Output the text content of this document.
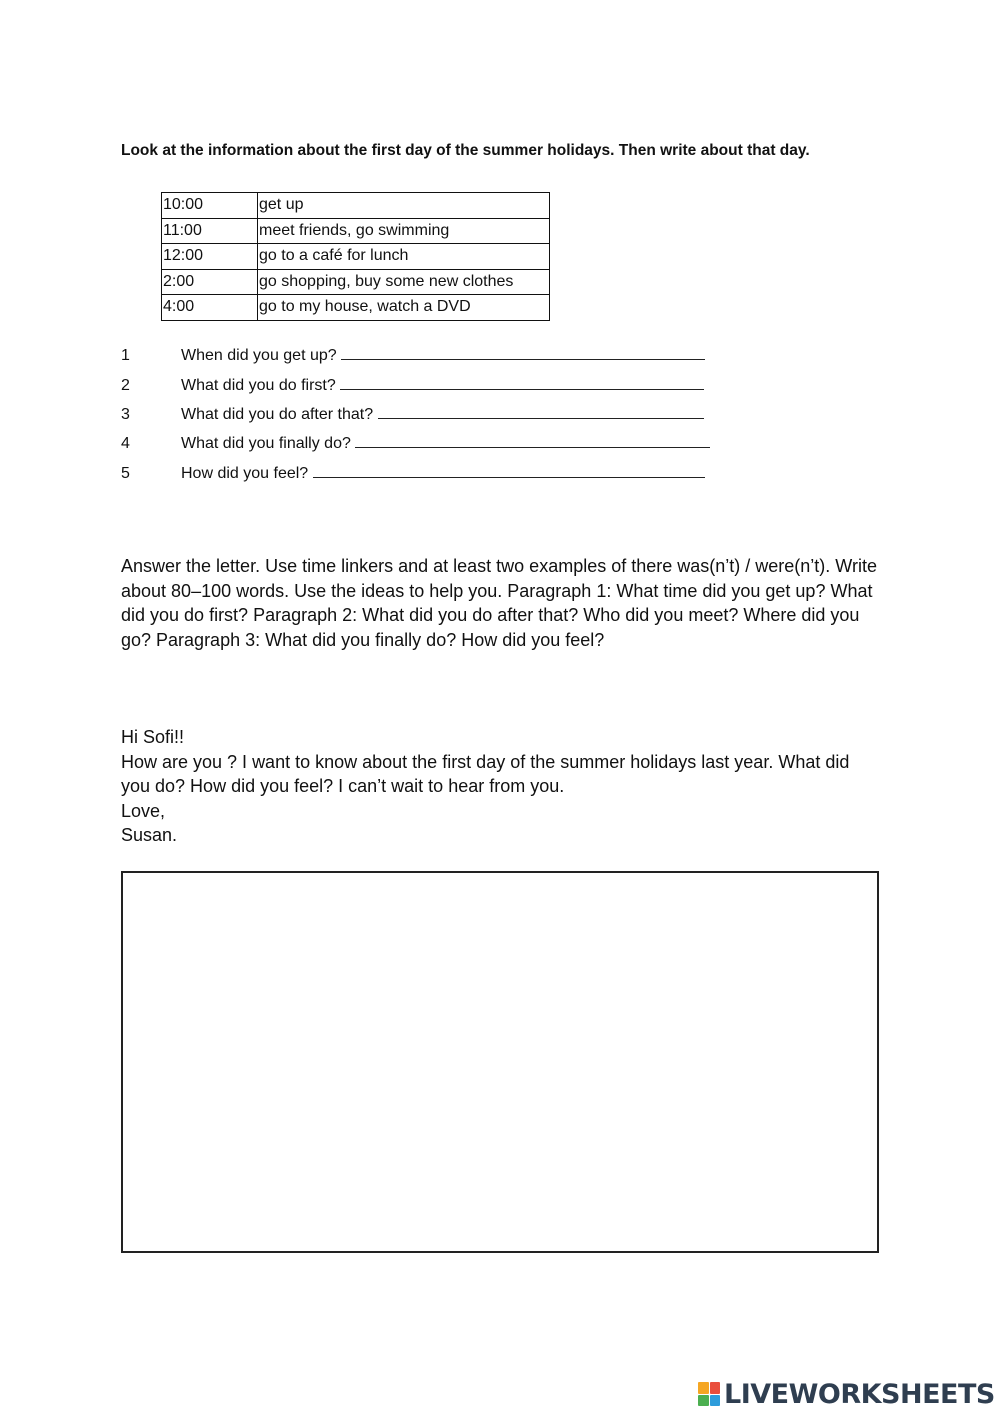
Look at the information about the first day of the summer holidays. Then write about that day.
10:00	get up
11:00	meet friends, go swimming
12:00	go to a café for lunch
2:00	go shopping, buy some new clothes
4:00	go to my house, watch a DVD
1	When did you get up?
2	What did you do first?
3	What did you do after that?
4	What did you finally do?
5	How did you feel?
Answer the letter. Use time linkers and at least two examples of there was(n’t) / were(n’t). Write about 80–100 words. Use the ideas to help you. Paragraph 1: What time did you get up? What did you do first? Paragraph 2: What did you do after that? Who did you meet? Where did you go? Paragraph 3: What did you finally do? How did you feel?

Hi Sofi!!

How are you ? I want to know about the first day of the summer holidays last year. What did you do? How did you feel? I can’t wait to hear from you.

Love,

Susan.

LIVEWORKSHEETS
